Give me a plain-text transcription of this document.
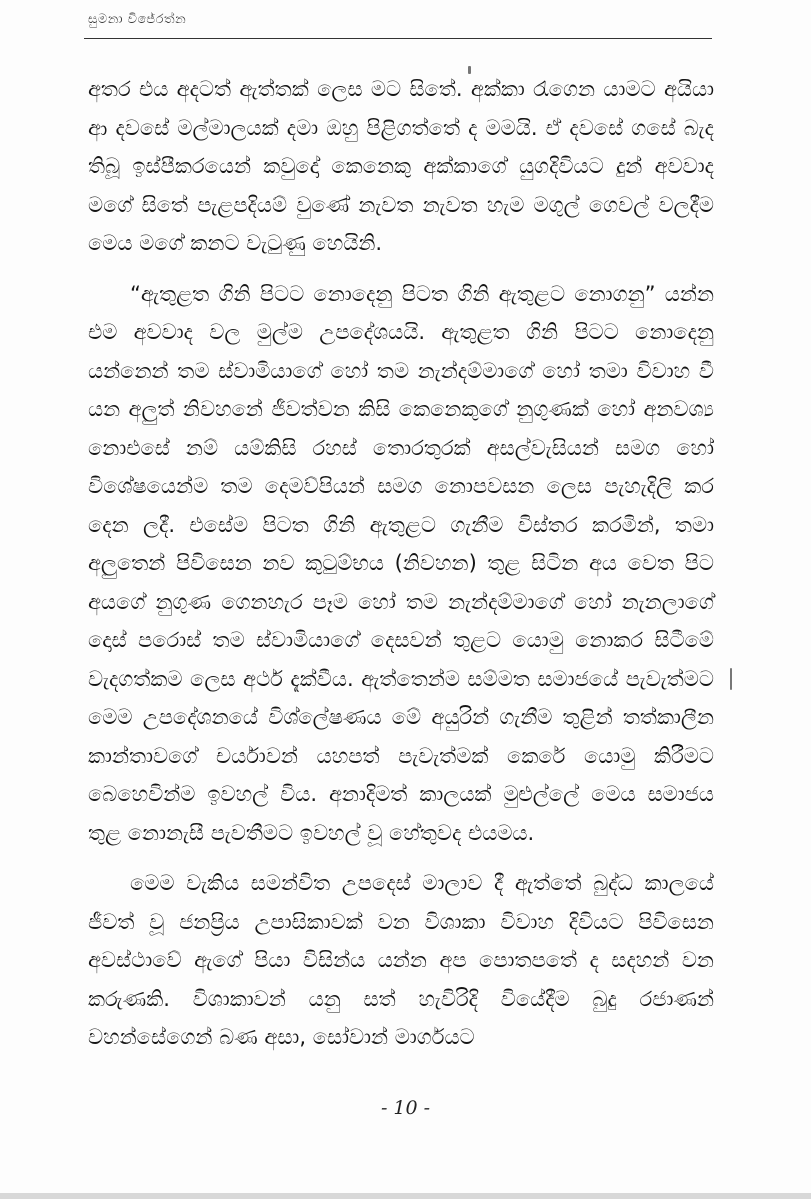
සුමනා විජේරත්න

අතර එය අදටත් ඇත්තක් ලෙස මට සිතේ. අක්කා රැගෙන යාමට අයියා ආ දවසේ මල්මාලයක් දමා ඔහු පිළිගත්තේ ද මමයි. ඒ දවසේ ගසේ බැද තිබූ ඉස්පීකරයෙන් කවුදෝ කෙනෙකු අක්කාගේ යුගදිවියට දුන් අවවාද මගේ සිතේ පැළපදියම් වුණේ නැවත නැවත හැම මගුල් ගෙවල් වලදීම මෙය මගේ කනට වැටුණු හෙයිනි.

“ඇතුළත ගිනි පිටට නොදෙනු පිටත ගිනි ඇතුළට නොගනු” යන්න එම අවවාද වල මුල්ම උපදේශයයි. ඇතුළත ගිනි පිටට නොදෙනු යන්නෙන් තම ස්වාමියාගේ හෝ තම නැන්දම්මාගේ හෝ තමා විවාහ වී යන අලුත් නිවහනේ ජීවත්වන කිසි කෙනෙකුගේ නුගුණක් හෝ අනවශ්‍ය නොඑසේ නම් යම්කිසි රහස් තොරතුරක් අසල්වැසියන් සමග හෝ විශේෂයෙන්ම තම දෙමව්පියන් සමග නොපවසන ලෙස පැහැදිලි කර දෙන ලදී. එසේම පිටත ගිනි ඇතුළට ගැනීම විස්තර කරමින්, තමා අලුතෙන් පිවිසෙන නව කුටුම්භය (නිවහන) තුළ සිටින අය වෙත පිට අයගේ නුගුණ ගෙනහැර පෑම හෝ තම නැන්දම්මාගේ හෝ නැනලාගේ දොස් පරොස් තම ස්වාමියාගේ දෙසවන් තුළට යොමු නොකර සිටීමේ වැදගත්කම ලෙස අර්ථ දැක්වීය. ඇත්තෙන්ම සම්මත සමාජයේ පැවැත්මට මෙම උපදේශනයේ විශ්ලේෂණය මේ අයුරින් ගැනීම තුළින් තත්කාලීන කාන්තාවගේ චර්යාවන් යහපත් පැවැත්මක් කෙරේ යොමු කිරීමට බෙහෙවින්ම ඉවහල් විය. අනාදිමත් කාලයක් මුළුල්ලේ මෙය සමාජය තුළ නොනැසී පැවතීමට ඉවහල් වූ හේතුවද එයමය.

මෙම වැකිය සමන්විත උපදෙස් මාලාව දී ඇත්තේ බුද්ධ කාලයේ ජීවත් වූ ජනප්‍රිය උපාසිකාවක් වන විශාකා විවාහ දිවියට පිවිසෙන අවස්ථාවේ ඇගේ පියා විසින්ය යන්න අප පොතපතේ ද සදහන් වන කරුණකි. විශාකාවන් යනු සත් හැවිරිදි වියේදීම බුදු රජාණන් වහන්සේගෙන් බණ අසා, සෝවාන් මාර්ගයට

- 10 -
